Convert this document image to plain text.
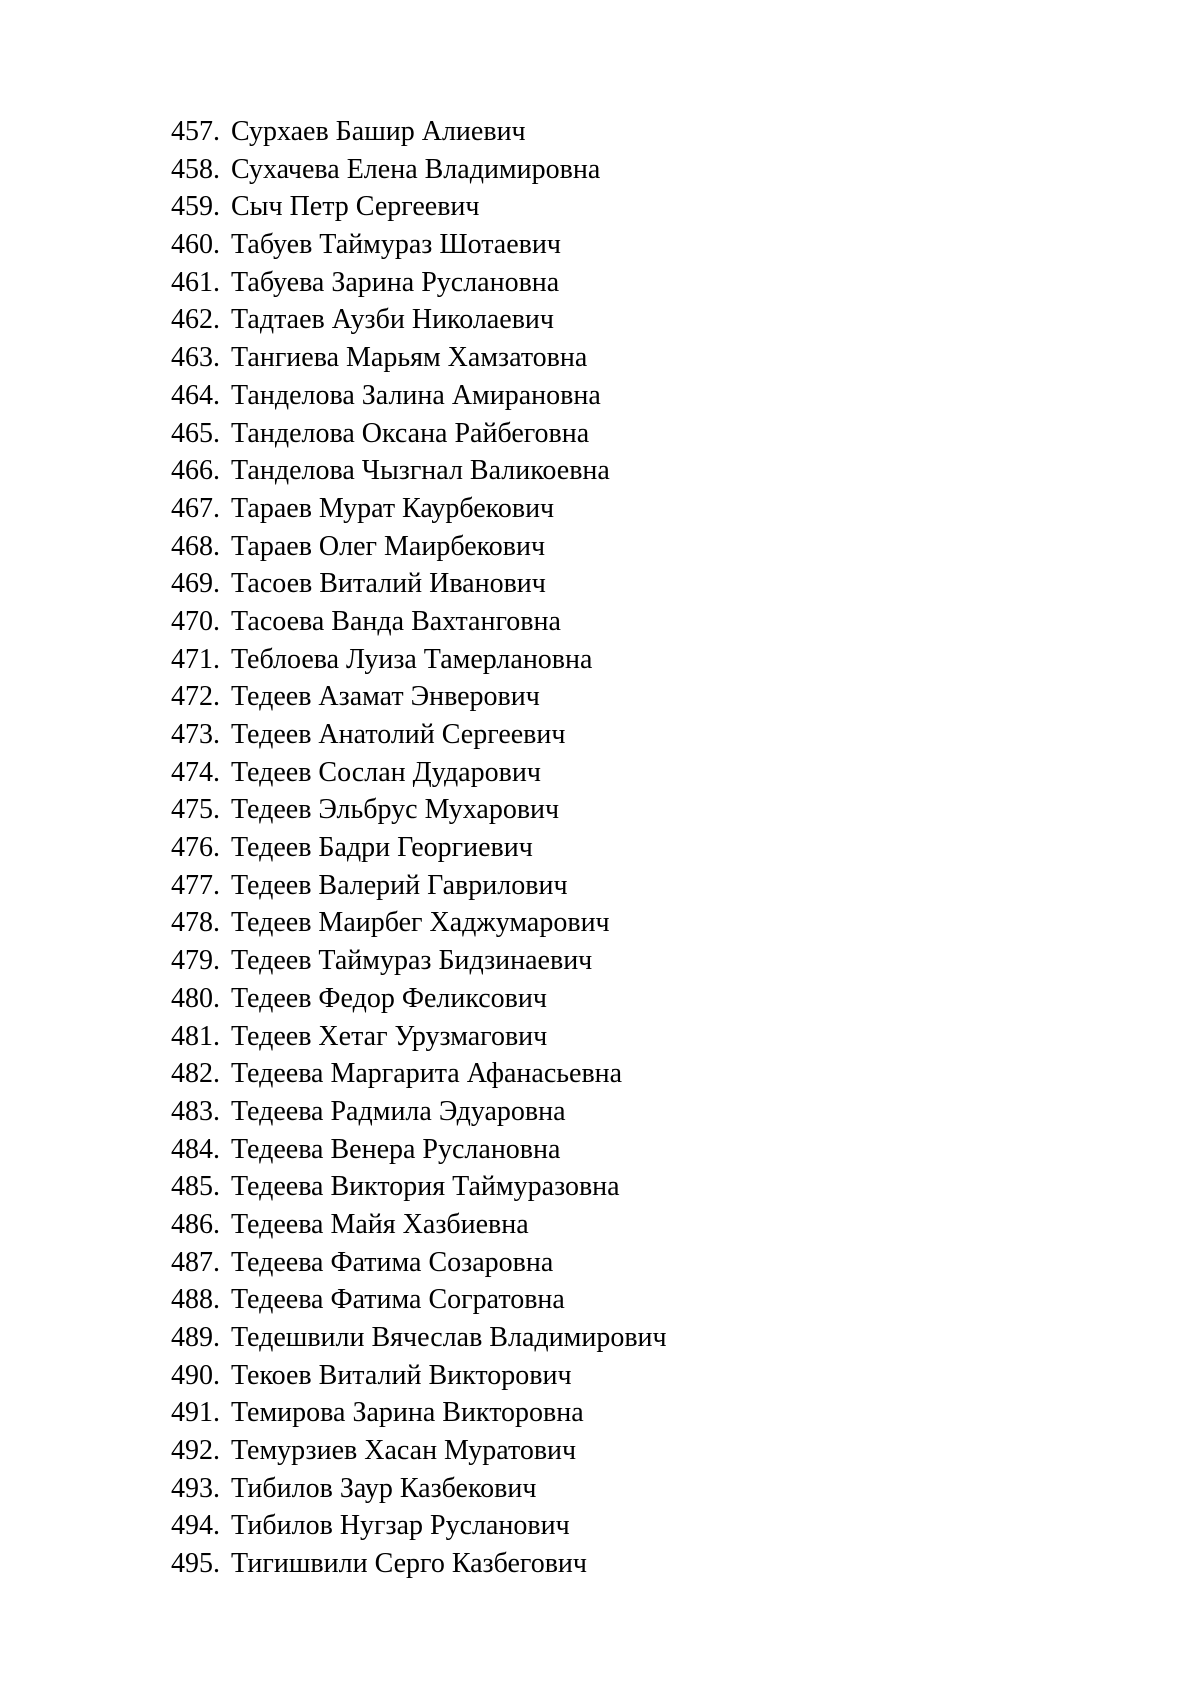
457. Сурхаев Башир Алиевич
458. Сухачева Елена Владимировна
459. Сыч Петр Сергеевич
460. Табуев Таймураз Шотаевич
461. Табуева Зарина Руслановна
462. Тадтаев Аузби Николаевич
463. Тангиева Марьям Хамзатовна
464. Танделова Залина Амирановна
465. Танделова Оксана Райбеговна
466. Танделова Чызгнал Валикоевна
467. Тараев Мурат Каурбекович
468. Тараев Олег Маирбекович
469. Тасоев Виталий Иванович
470. Тасоева Ванда Вахтанговна
471. Теблоева Луиза Тамерлановна
472. Тедеев Азамат Энверович
473. Тедеев Анатолий Сергеевич
474. Тедеев Сослан Дударович
475. Тедеев Эльбрус Мухарович
476. Тедеев Бадри Георгиевич
477. Тедеев Валерий Гаврилович
478. Тедеев Маирбег Хаджумарович
479. Тедеев Таймураз Бидзинаевич
480. Тедеев Федор Феликсович
481. Тедеев Хетаг Урузмагович
482. Тедеева Маргарита Афанасьевна
483. Тедеева Радмила Эдуаровна
484. Тедеева Венера Руслановна
485. Тедеева Виктория Таймуразовна
486. Тедеева Майя Хазбиевна
487. Тедеева Фатима Созаровна
488. Тедеева Фатима Согратовна
489. Тедешвили Вячеслав Владимирович
490. Текоев Виталий Викторович
491. Темирова Зарина Викторовна
492. Темурзиев Хасан Муратович
493. Тибилов Заур Казбекович
494. Тибилов Нугзар Русланович
495. Тигишвили Серго Казбегович
